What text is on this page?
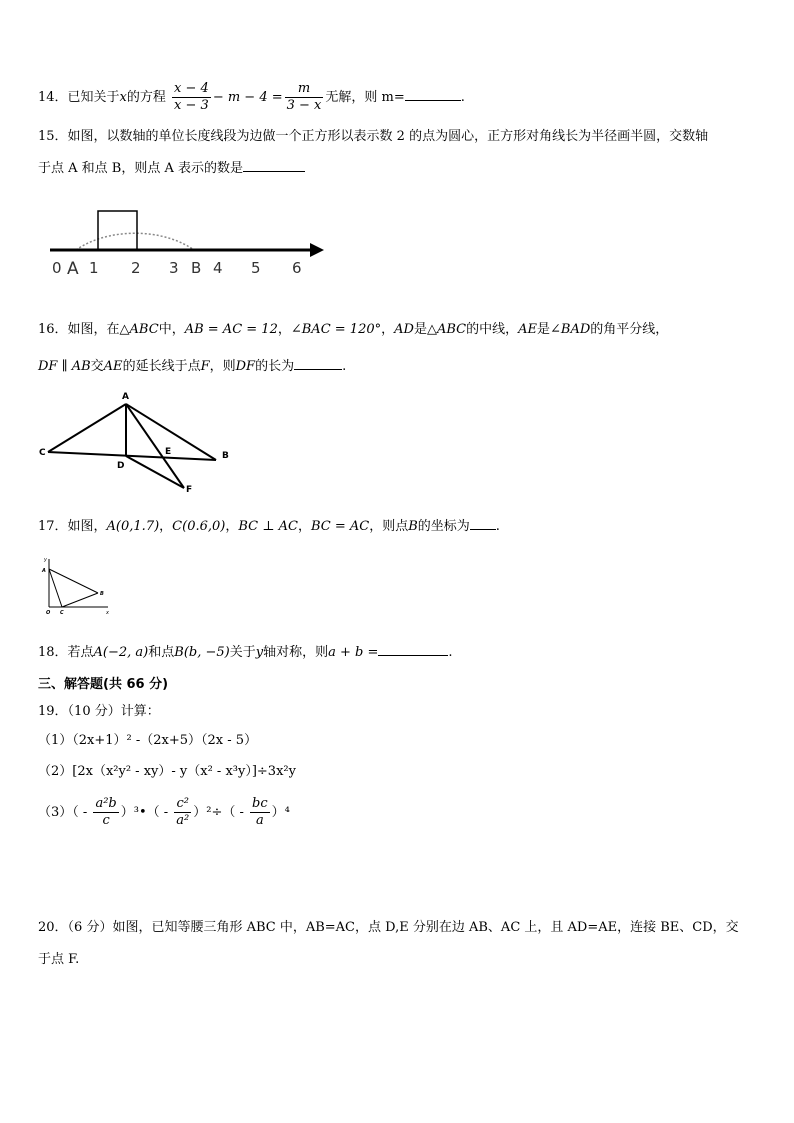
14．已知关于x的方程 $\frac{x - 4}{x - 3} - m - 4 = \frac{m}{3 - x}$ 无解，则 m=	.
15．如图，以数轴的单位长度线段为边做一个正方形以表示数 2 的点为圆心，正方形对角线长为半径画半圆，交数轴
于点 A 和点 B，则点 A 表示的数是
0 A 1 2 3 B 4 5 6
16．如图，在△ABC中，AB = AC = 12，∠BAC = 120°，AD是△ABC的中线，AE是∠BAD的角平分线，
DF ∥ AB交AE的延长线于点F，则DF的长为	.
A
C
D
E	B
F
17．如图，A(0,1.7)，C(0.6,0)，BC ⊥ AC，BC = AC，则点B的坐标为 .
y
A
O C
B
x
18．若点A(−2, a)和点B(b, −5)关于y轴对称，则a + b =	.
三、解答题(共 66 分)
19．（10 分）计算：
（1）（2x+1）² -（2x+5）（2x - 5）
（2）[2x（x²y² - xy）- y（x² - x³y）]÷3x²y
$(3)( - \frac{\text{a²b}}{c}$ ）³•（ - $\frac{\text{c²}}{\text{a²}} )^2\div( - \frac{bc}{a} )^4$
20．（6 分）如图，已知等腰三角形 ABC 中，AB=AC，点 D,E 分别在边 AB、AC 上，且 AD=AE，连接 BE、CD，交
于点 F.
